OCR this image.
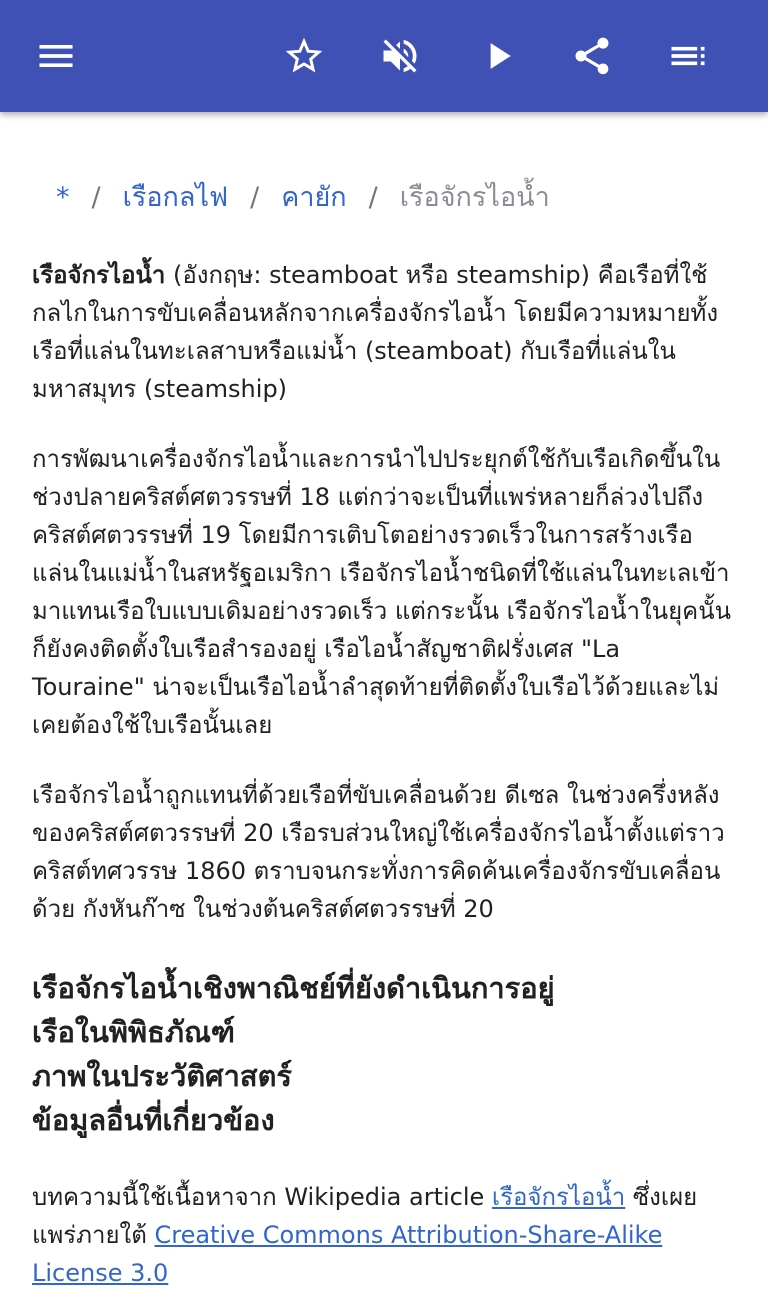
* / เรือกลไฟ / คายัก / เรือจักรไอน้ำ

เรือจักรไอน้ำ (อังกฤษ: steamboat หรือ steamship) คือเรือที่ใช้กลไกในการขับเคลื่อนหลักจากเครื่องจักรไอน้ำ โดยมีความหมายทั้งเรือที่แล่นในทะเลสาบหรือแม่น้ำ (steamboat) กับเรือที่แล่นในมหาสมุทร (steamship)

การพัฒนาเครื่องจักรไอน้ำและการนำไปประยุกต์ใช้กับเรือเกิดขึ้นในช่วงปลายคริสต์ศตวรรษที่ 18 แต่กว่าจะเป็นที่แพร่หลายก็ล่วงไปถึงคริสต์ศตวรรษที่ 19 โดยมีการเติบโตอย่างรวดเร็วในการสร้างเรือแล่นในแม่น้ำในสหรัฐอเมริกา เรือจักรไอน้ำชนิดที่ใช้แล่นในทะเลเข้ามาแทนเรือใบแบบเดิมอย่างรวดเร็ว แต่กระนั้น เรือจักรไอน้ำในยุคนั้นก็ยังคงติดตั้งใบเรือสำรองอยู่ เรือไอน้ำสัญชาติฝรั่งเศส "La Touraine" น่าจะเป็นเรือไอน้ำลำสุดท้ายที่ติดตั้งใบเรือไว้ด้วยและไม่เคยต้องใช้ใบเรือนั้นเลย

เรือจักรไอน้ำถูกแทนที่ด้วยเรือที่ขับเคลื่อนด้วย ดีเซล ในช่วงครึ่งหลังของคริสต์ศตวรรษที่ 20 เรือรบส่วนใหญ่ใช้เครื่องจักรไอน้ำตั้งแต่ราวคริสต์ทศวรรษ 1860 ตราบจนกระทั่งการคิดค้นเครื่องจักรขับเคลื่อนด้วย กังหันก๊าซ ในช่วงต้นคริสต์ศตวรรษที่ 20

เรือจักรไอน้ำเชิงพาณิชย์ที่ยังดำเนินการอยู่
เรือในพิพิธภัณฑ์
ภาพในประวัติศาสตร์
ข้อมูลอื่นที่เกี่ยวข้อง

บทความนี้ใช้เนื้อหาจาก Wikipedia article เรือจักรไอน้ำ ซึ่งเผยแพร่ภายใต้ Creative Commons Attribution-Share-Alike License 3.0
